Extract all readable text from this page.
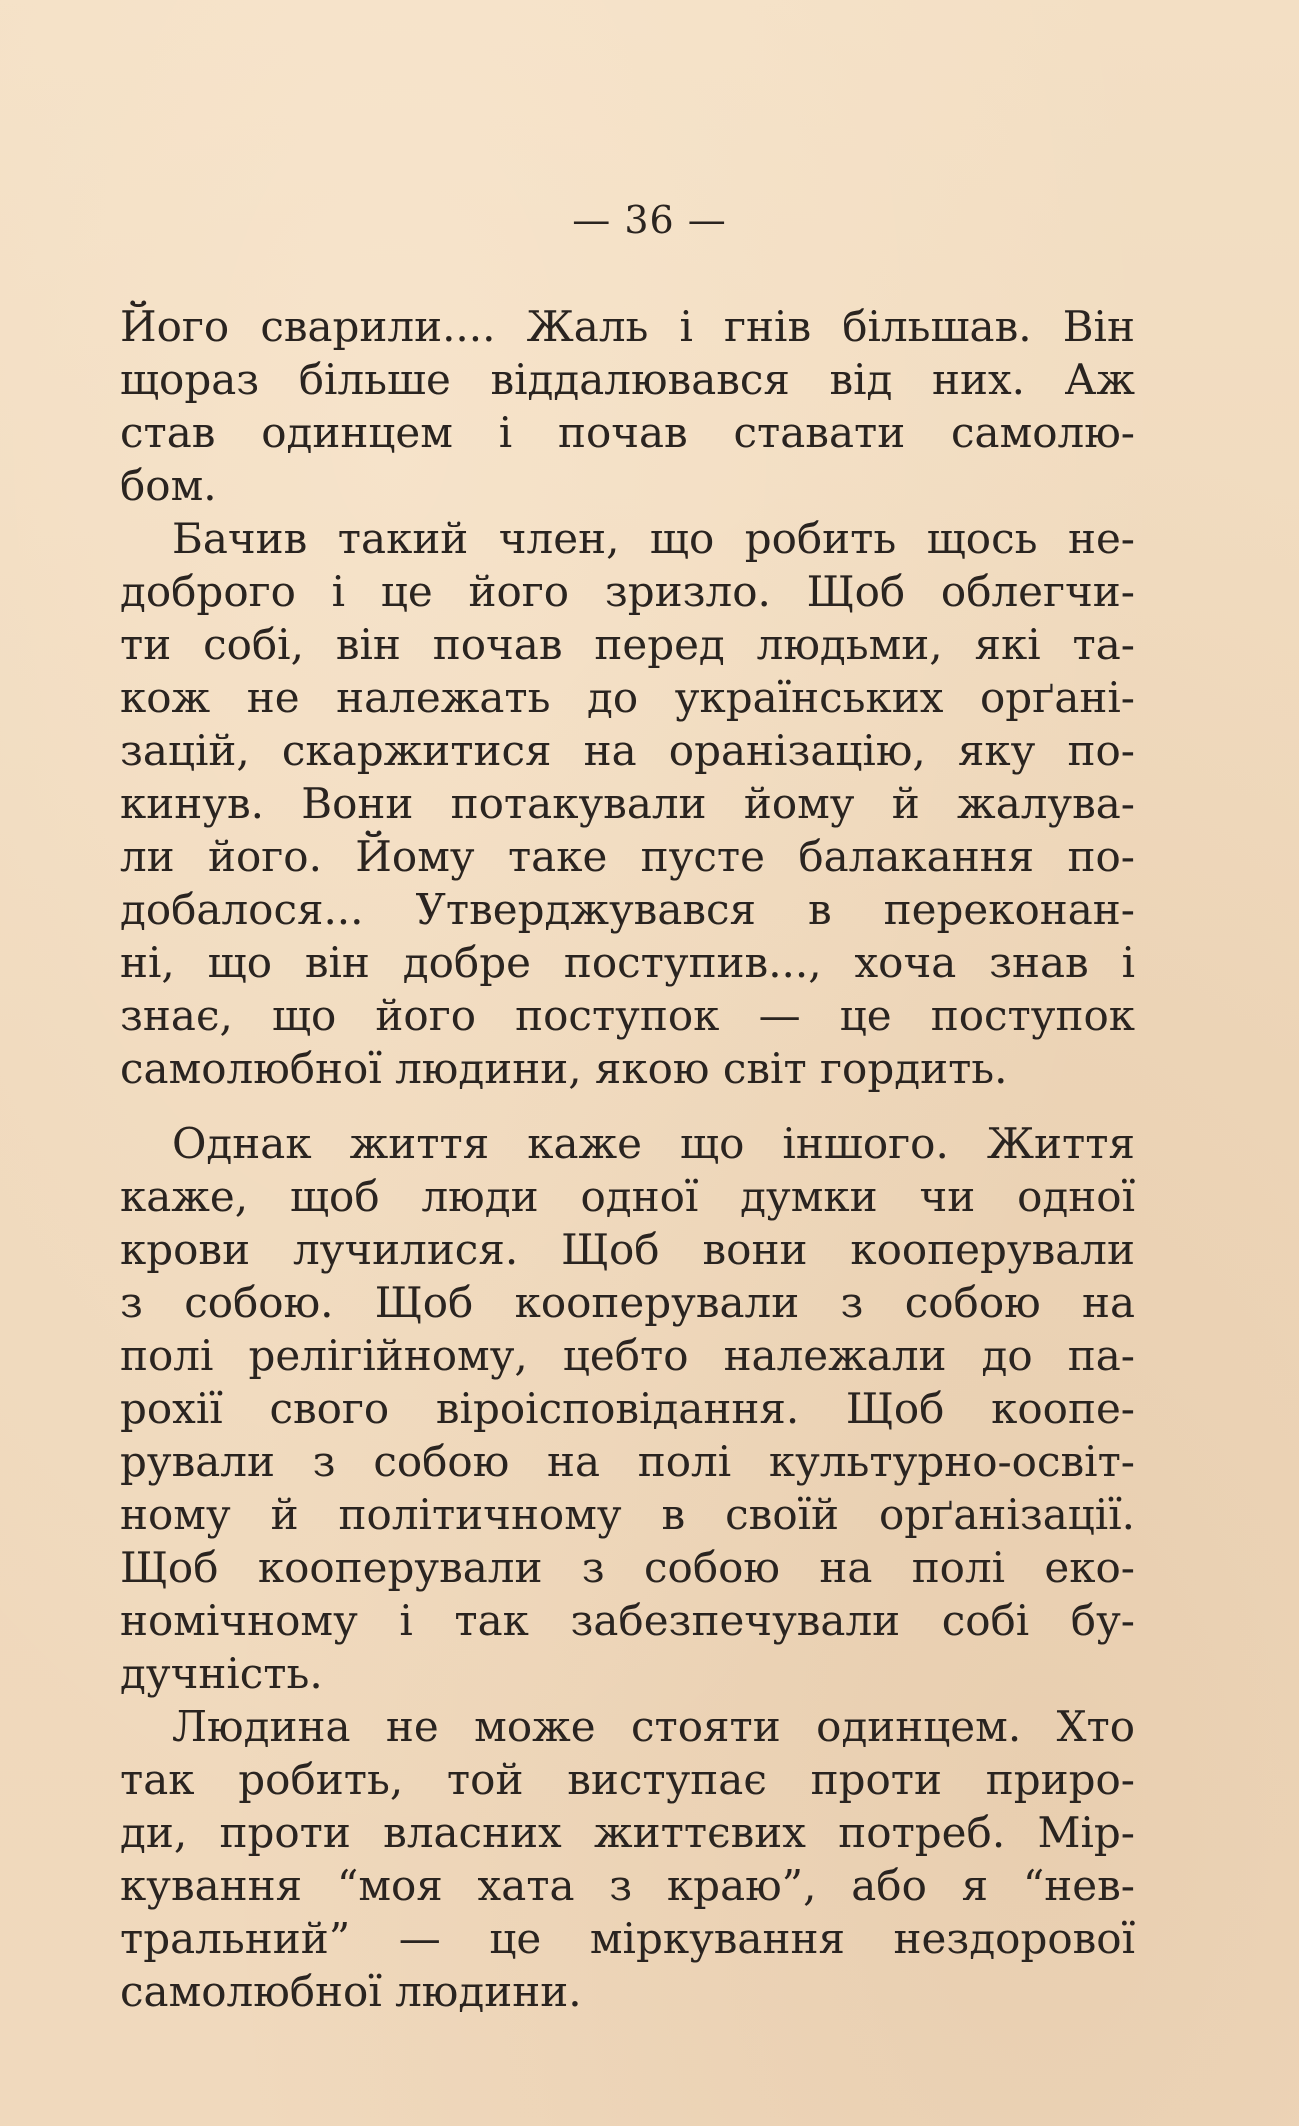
— 36 —
Його сварили.... Жаль і гнів більшав. Він
щораз більше віддалювався від них. Аж
став одинцем і почав ставати самолю-
бом.
Бачив такий член, що робить щось не-
доброго і це його зризло. Щоб облегчи-
ти собі, він почав перед людьми, які та-
кож не належать до українських орґані-
зацій, скаржитися на оранізацію, яку по-
кинув. Вони потакували йому й жалува-
ли його. Йому таке пусте балакання по-
добалося... Утверджувався в переконан-
ні, що він добре поступив..., хоча знав і
знає, що його поступок — це поступок
самолюбної людини, якою світ гордить.
Однак життя каже що іншого. Життя
каже, щоб люди одної думки чи одної
крови лучилися. Щоб вони кооперували
з собою. Щоб кооперували з собою на
полі релігійному, цебто належали до па-
рохії свого віроісповідання. Щоб коопе-
рували з собою на полі культурно-освіт-
ному й політичному в своїй орґанізації.
Щоб кооперували з собою на полі еко-
номічному і так забезпечували собі бу-
дучність.
Людина не може стояти одинцем. Хто
так робить, той виступає проти приро-
ди, проти власних життєвих потреб. Мір-
кування “моя хата з краю”, або я “нев-
тральний” — це міркування нездорової
самолюбної людини.
